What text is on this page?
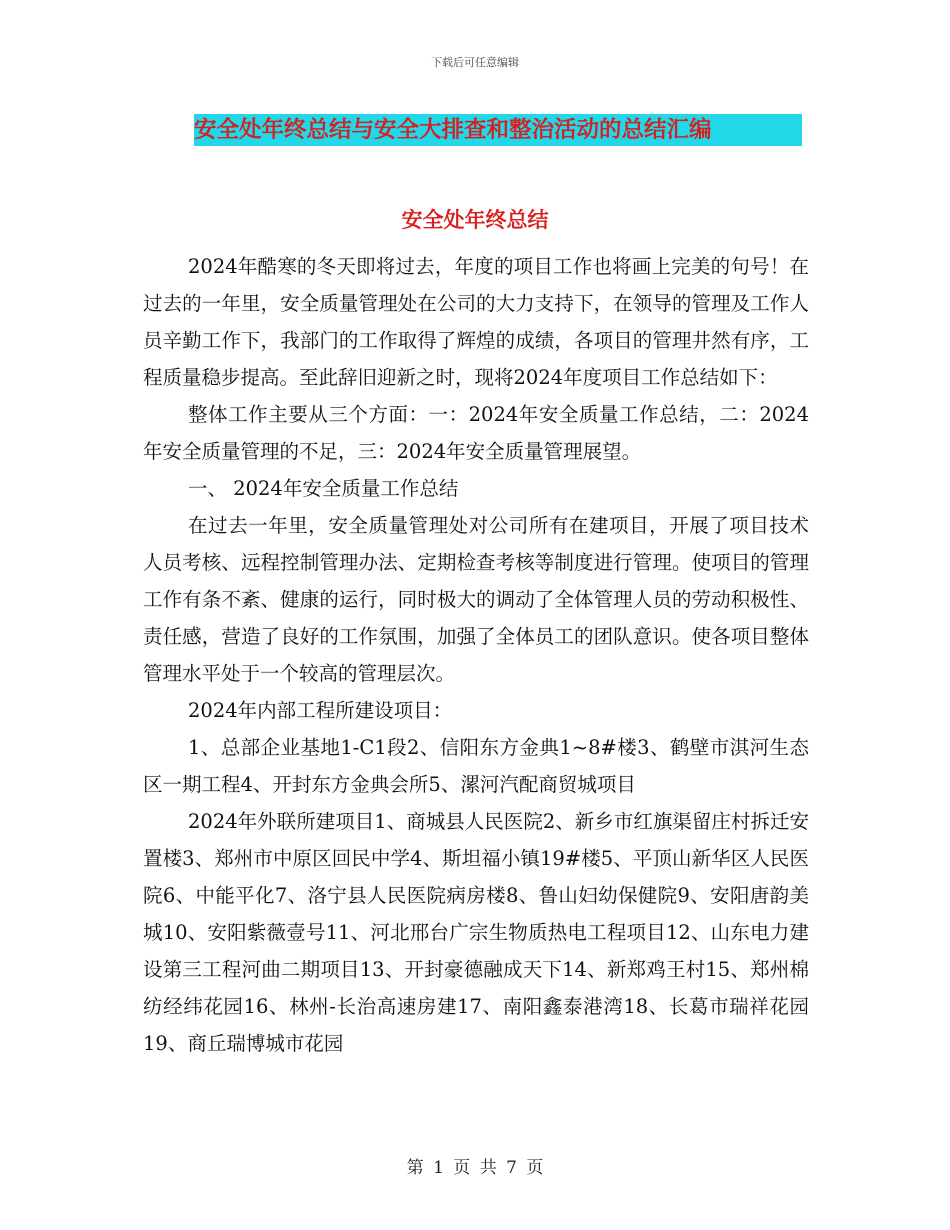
下载后可任意编辑
安全处年终总结与安全大排查和整治活动的总结汇编
安全处年终总结

2024年酷寒的冬天即将过去，年度的项目工作也将画上完美的句号！在过去的一年里，安全质量管理处在公司的大力支持下，在领导的管理及工作人员辛勤工作下，我部门的工作取得了辉煌的成绩，各项目的管理井然有序，工程质量稳步提高。至此辞旧迎新之时，现将2024年度项目工作总结如下：

整体工作主要从三个方面：一：2024年安全质量工作总结，二：2024年安全质量管理的不足，三：2024年安全质量管理展望。

一、 2024年安全质量工作总结

在过去一年里，安全质量管理处对公司所有在建项目，开展了项目技术人员考核、远程控制管理办法、定期检查考核等制度进行管理。使项目的管理工作有条不紊、健康的运行，同时极大的调动了全体管理人员的劳动积极性、责任感，营造了良好的工作氛围，加强了全体员工的团队意识。使各项目整体管理水平处于一个较高的管理层次。

2024年内部工程所建设项目：

1、总部企业基地1-C1段2、信阳东方金典1~8#楼3、鹤壁市淇河生态区一期工程4、开封东方金典会所5、漯河汽配商贸城项目

2024年外联所建项目1、商城县人民医院2、新乡市红旗渠留庄村拆迁安置楼3、郑州市中原区回民中学4、斯坦福小镇19#楼5、平顶山新华区人民医院6、中能平化7、洛宁县人民医院病房楼8、鲁山妇幼保健院9、安阳唐韵美城10、安阳紫薇壹号11、河北邢台广宗生物质热电工程项目12、山东电力建设第三工程河曲二期项目13、开封豪德融成天下14、新郑鸡王村15、郑州棉纺经纬花园16、林州-长治高速房建17、南阳鑫泰港湾18、长葛市瑞祥花园19、商丘瑞博城市花园

第 1 页 共 7 页
